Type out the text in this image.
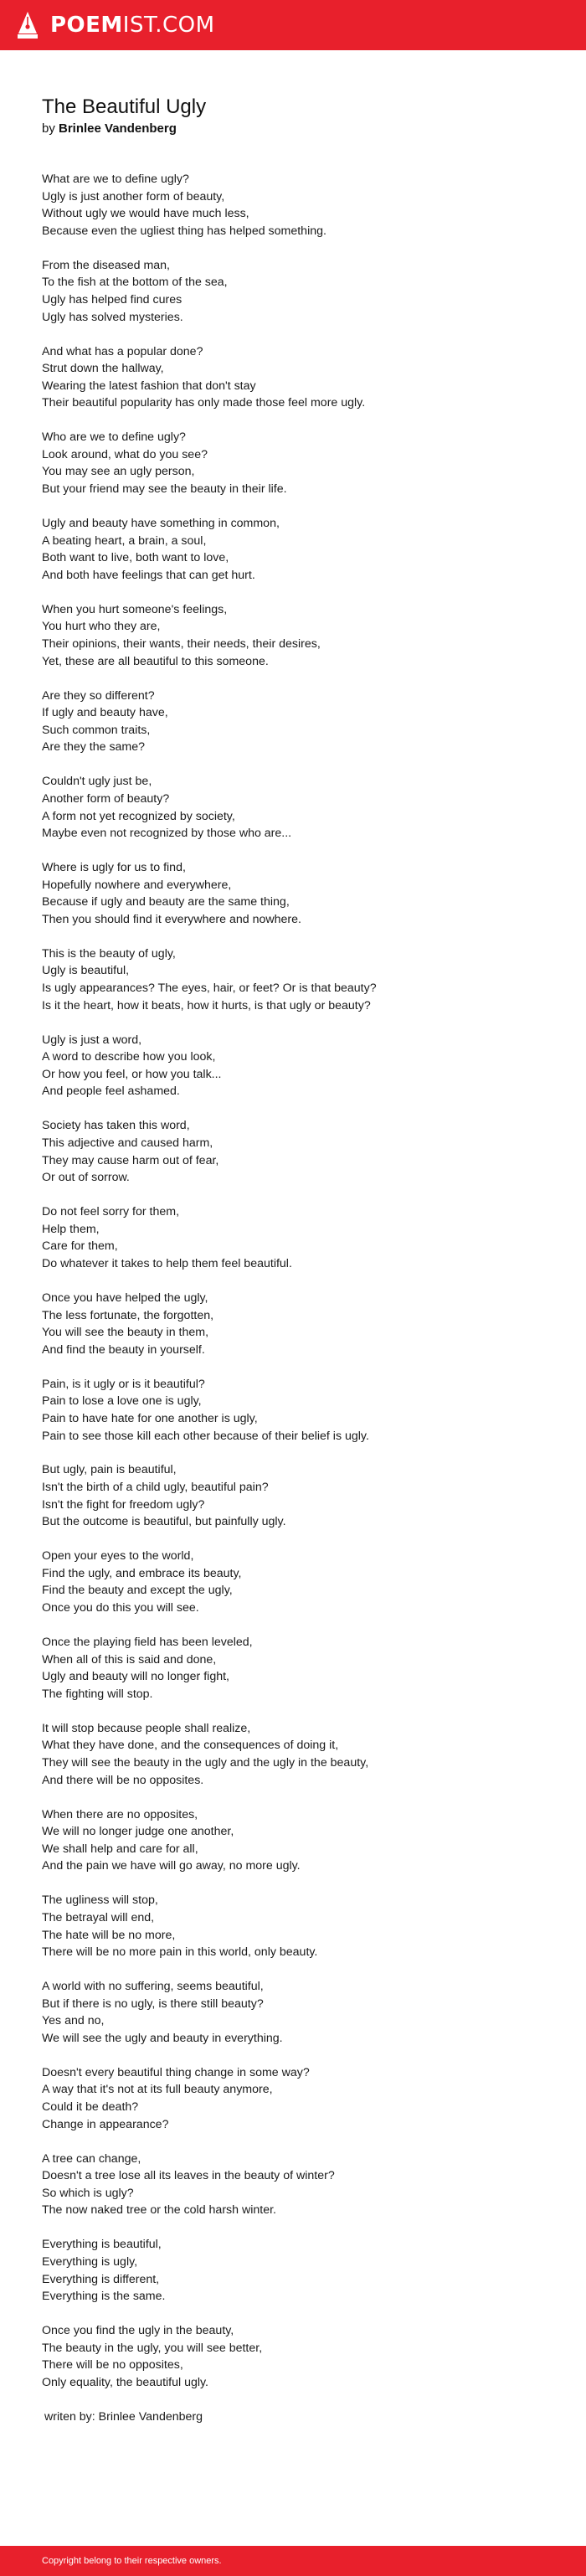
POEMIST.COM
The Beautiful Ugly
by Brinlee Vandenberg
What are we to define ugly?
Ugly is just another form of beauty,
Without ugly we would have much less,
Because even the ugliest thing has helped something.
From the diseased man,
To the fish at the bottom of the sea,
Ugly has helped find cures
Ugly has solved mysteries.
And what has a popular done?
Strut down the hallway,
Wearing the latest fashion that don't stay
Their beautiful popularity has only made those feel more ugly.
Who are we to define ugly?
Look around, what do you see?
You may see an ugly person,
But your friend may see the beauty in their life.
Ugly and beauty have something in common,
A beating heart, a brain, a soul,
Both want to live, both want to love,
And both have feelings that can get hurt.
When you hurt someone's feelings,
You hurt who they are,
Their opinions, their wants, their needs, their desires,
Yet, these are all beautiful to this someone.
Are they so different?
If ugly and beauty have,
Such common traits,
Are they the same?
Couldn't ugly just be,
Another form of beauty?
A form not yet recognized by society,
Maybe even not recognized by those who are...
Where is ugly for us to find,
Hopefully nowhere and everywhere,
Because if ugly and beauty are the same thing,
Then you should find it everywhere and nowhere.
This is the beauty of ugly,
Ugly is beautiful,
Is ugly appearances? The eyes, hair, or feet? Or is that beauty?
Is it the heart, how it beats, how it hurts, is that ugly or beauty?
Ugly is just a word,
A word to describe how you look,
Or how you feel, or how you talk...
And people feel ashamed.
Society has taken this word,
This adjective and caused harm,
They may cause harm out of fear,
Or out of sorrow.
Do not feel sorry for them,
Help them,
Care for them,
Do whatever it takes to help them feel beautiful.
Once you have helped the ugly,
The less fortunate, the forgotten,
You will see the beauty in them,
And find the beauty in yourself.
Pain, is it ugly or is it beautiful?
Pain to lose a love one is ugly,
Pain to have hate for one another is ugly,
Pain to see those kill each other because of their belief is ugly.
But ugly, pain is beautiful,
Isn't the birth of a child ugly, beautiful pain?
Isn't the fight for freedom ugly?
But the outcome is beautiful, but painfully ugly.
Open your eyes to the world,
Find the ugly, and embrace its beauty,
Find the beauty and except the ugly,
Once you do this you will see.
Once the playing field has been leveled,
When all of this is said and done,
Ugly and beauty will no longer fight,
The fighting will stop.
It will stop because people shall realize,
What they have done, and the consequences of doing it,
They will see the beauty in the ugly and the ugly in the beauty,
And there will be no opposites.
When there are no opposites,
We will no longer judge one another,
We shall help and care for all,
And the pain we have will go away, no more ugly.
The ugliness will stop,
The betrayal will end,
The hate will be no more,
There will be no more pain in this world, only beauty.
A world with no suffering, seems beautiful,
But if there is no ugly, is there still beauty?
Yes and no,
We will see the ugly and beauty in everything.
Doesn't every beautiful thing change in some way?
A way that it's not at its full beauty anymore,
Could it be death?
Change in appearance?
A tree can change,
Doesn't a tree lose all its leaves in the beauty of winter?
So which is ugly?
The now naked tree or the cold harsh winter.
Everything is beautiful,
Everything is ugly,
Everything is different,
Everything is the same.
Once you find the ugly in the beauty,
The beauty in the ugly, you will see better,
There will be no opposites,
Only equality, the beautiful ugly.
writen by: Brinlee Vandenberg
Copyright belong to their respective owners.
